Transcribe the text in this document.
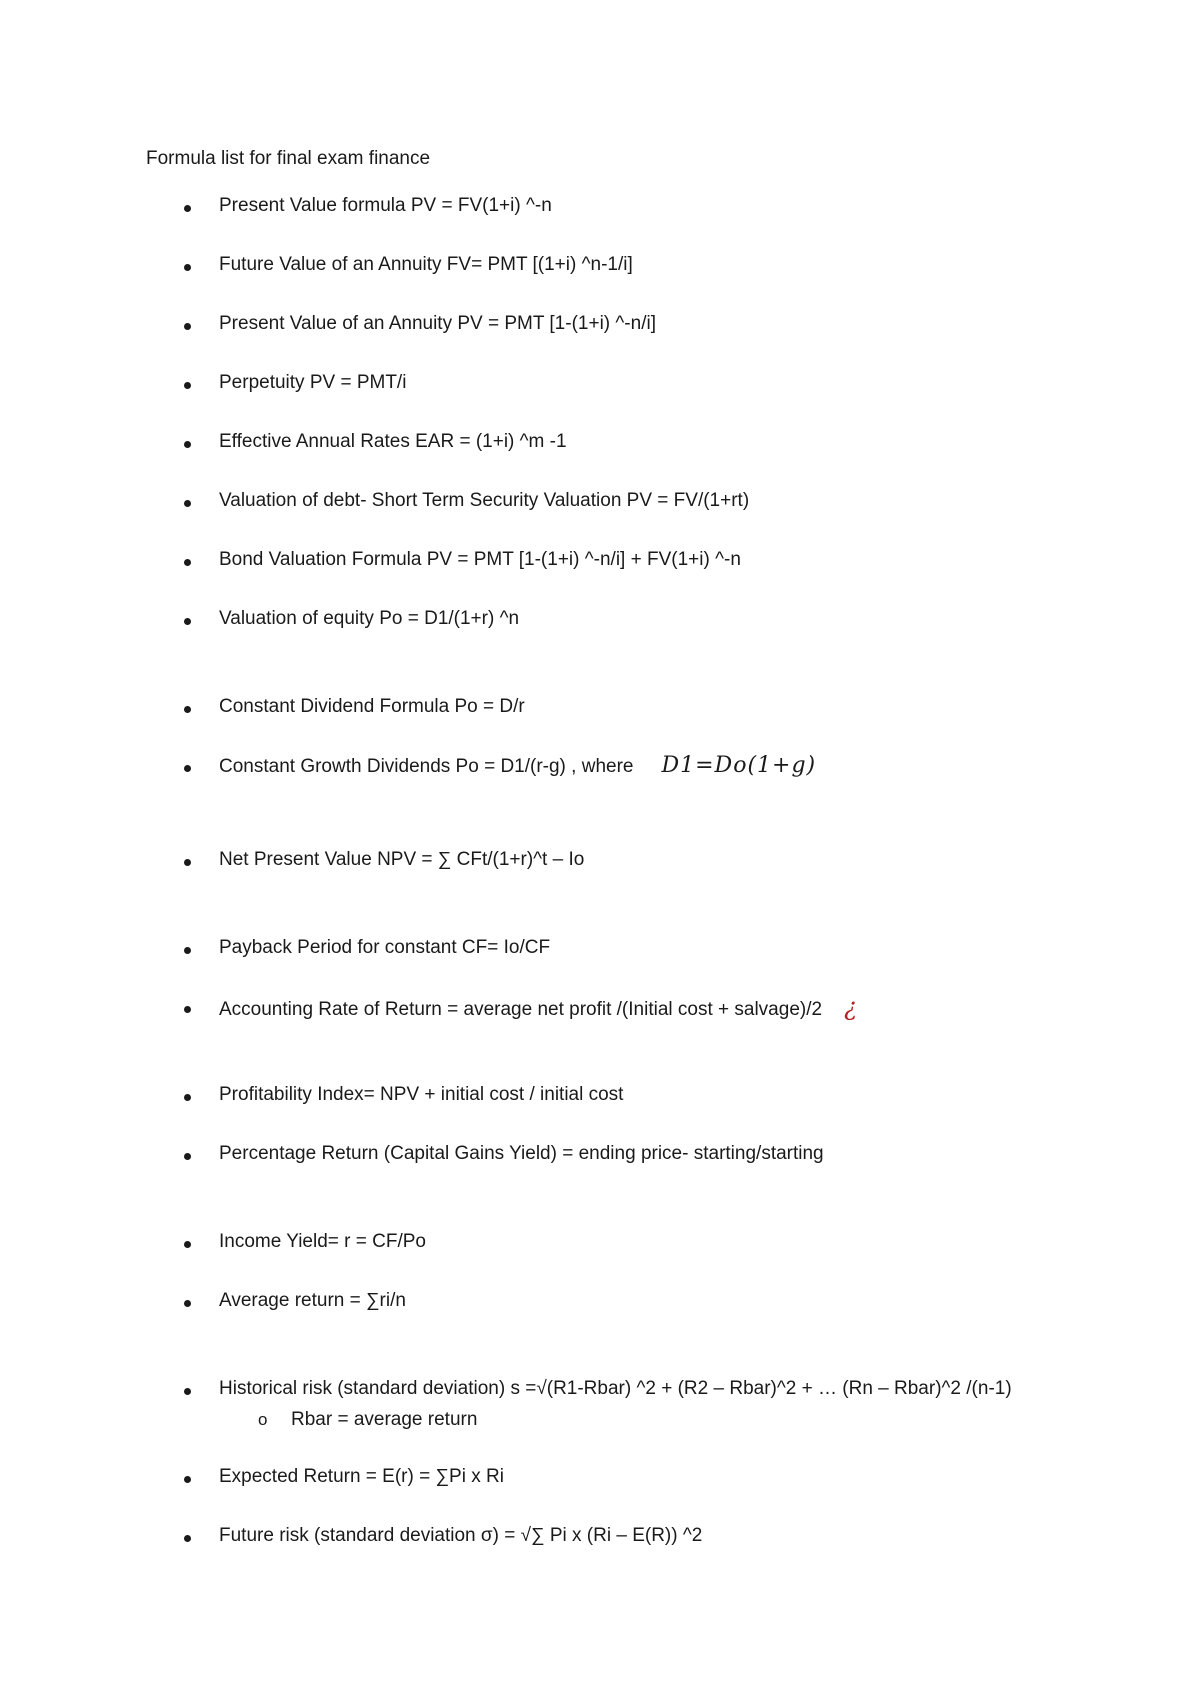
Formula list for final exam finance
Present Value formula PV = FV(1+i) ^-n
Future Value of an Annuity FV= PMT [(1+i) ^n-1/i]
Present Value of an Annuity PV = PMT [1-(1+i) ^-n/i]
Perpetuity PV = PMT/i
Effective Annual Rates EAR = (1+i) ^m -1
Valuation of debt- Short Term Security Valuation PV = FV/(1+rt)
Bond Valuation Formula PV = PMT [1-(1+i) ^-n/i] + FV(1+i) ^-n
Valuation of equity Po = D1/(1+r) ^n
Constant Dividend Formula Po = D/r
Constant Growth Dividends Po = D1/(r-g) , where D1=Do(1+g)
Net Present Value NPV = ∑ CFt/(1+r)^t – Io
Payback Period for constant CF= Io/CF
Accounting Rate of Return = average net profit /(Initial cost + salvage)/2 ¿
Profitability Index= NPV + initial cost / initial cost
Percentage Return (Capital Gains Yield) = ending price- starting/starting
Income Yield= r = CF/Po
Average return = ∑ri/n
Historical risk (standard deviation) s =√(R1-Rbar) ^2 + (R2 – Rbar)^2 + … (Rn – Rbar)^2 /(n-1)
o Rbar = average return
Expected Return = E(r) = ∑Pi x Ri
Future risk (standard deviation σ) = √∑ Pi x (Ri – E(R)) ^2
